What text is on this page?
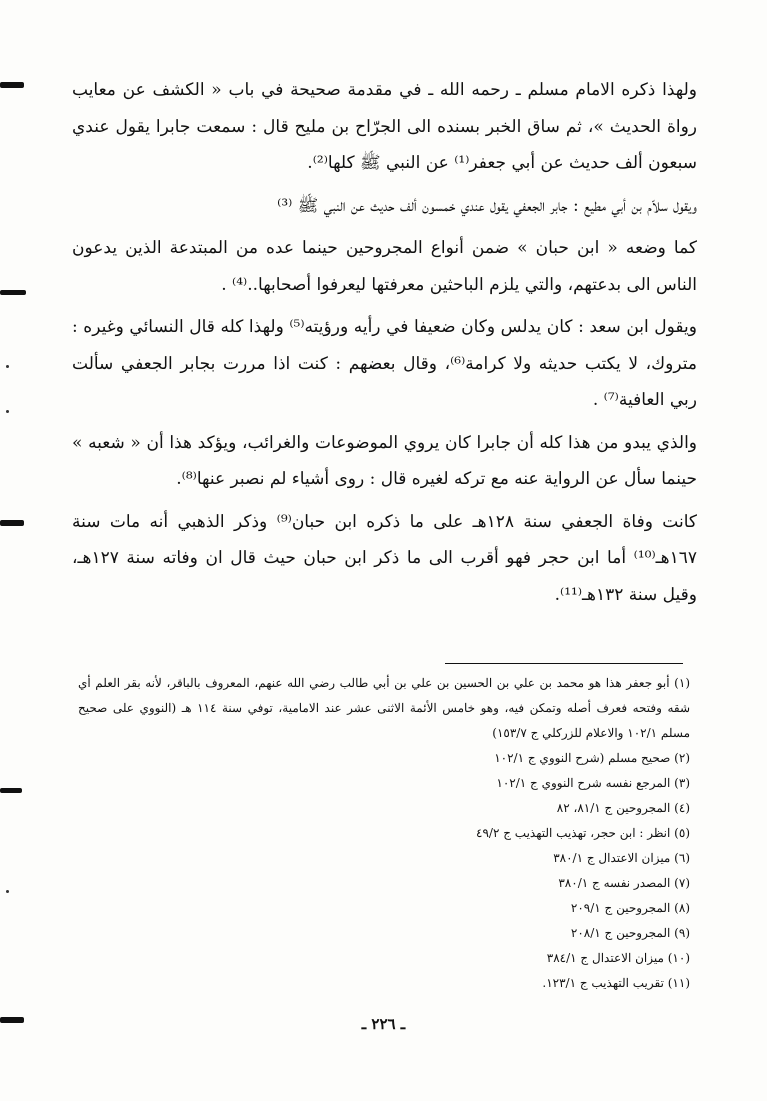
ولهذا ذكره الامام مسلم ـ رحمه الله ـ في مقدمة صحيحة في باب « الكشف عن معايب رواة الحديث »، ثم ساق الخبر بسنده الى الجرّاح بن مليح قال : سمعت جابرا يقول عندي سبعون ألف حديث عن أبي جعفر⁽¹⁾ عن النبي ﷺ كلها⁽²⁾.

ويقول سلاّم بن أبي مطيع : جابر الجعفي يقول عندي خمسون ألف حديث عن النبي ﷺ ⁽³⁾

كما وضعه « ابن حبان » ضمن أنواع المجروحين حينما عده من المبتدعة الذين يدعون الناس الى بدعتهم، والتي يلزم الباحثين معرفتها ليعرفوا أصحابها..⁽⁴⁾ .

ويقول ابن سعد : كان يدلس وكان ضعيفا في رأيه ورؤيته⁽⁵⁾ ولهذا كله قال النسائي وغيره : متروك، لا يكتب حديثه ولا كرامة⁽⁶⁾، وقال بعضهم : كنت اذا مررت بجابر الجعفي سألت ربي العافية⁽⁷⁾ .

والذي يبدو من هذا كله أن جابرا كان يروي الموضوعات والغرائب، ويؤكد هذا أن « شعبه » حينما سأل عن الرواية عنه مع تركه لغيره قال : روى أشياء لم نصبر عنها⁽⁸⁾.

كانت وفاة الجعفي سنة ١٢٨هـ على ما ذكره ابن حبان⁽⁹⁾ وذكر الذهبي أنه مات سنة ١٦٧هـ⁽¹⁰⁾ أما ابن حجر فهو أقرب الى ما ذكر ابن حبان حيث قال ان وفاته سنة ١٢٧هـ، وقيل سنة ١٣٢هـ⁽¹¹⁾.

(١) أبو جعفر هذا هو محمد بن علي بن الحسين بن علي بن أبي طالب رضي الله عنهم، المعروف بالباقر، لأنه بقر العلم أي شقه وفتحه فعرف أصله وتمكن فيه، وهو خامس الأئمة الاثنى عشر عند الامامية، توفي سنة ١١٤ هـ (النووي على صحيح مسلم ١٠٢/١ والاعلام للزركلي ج ١٥٣/٧)

(٢) صحيح مسلم (شرح النووي ج ١٠٢/١

(٣) المرجع نفسه شرح النووي ج ١٠٢/١

(٤) المجروحين ج ٨١/١، ٨٢

(٥) انظر : ابن حجر، تهذيب التهذيب ج ٤٩/٢

(٦) ميزان الاعتدال ج ٣٨٠/١

(٧) المصدر نفسه ج ٣٨٠/١

(٨) المجروحين ج ٢٠٩/١

(٩) المجروحين ج ٢٠٨/١

(١٠) ميزان الاعتدال ج ٣٨٤/١

(١١) تقريب التهذيب ج ١٢٣/١.

ـ ٢٢٦ ـ
